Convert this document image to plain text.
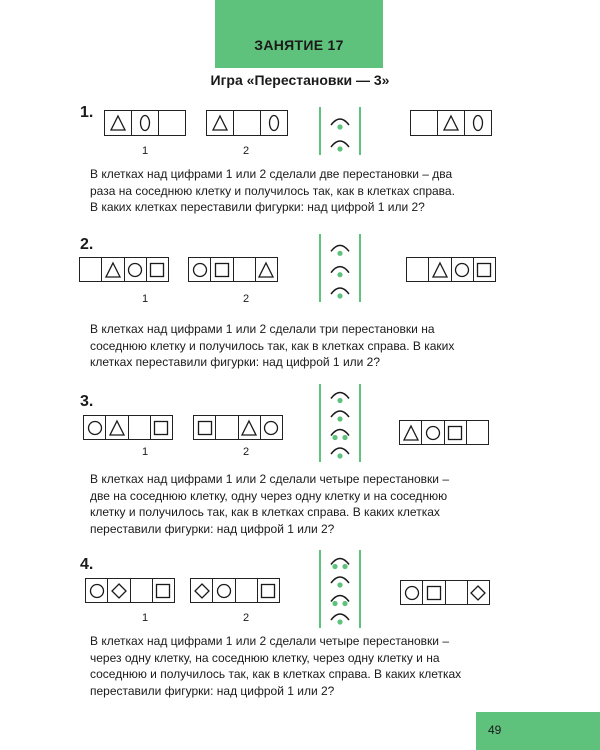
ЗАНЯТИЕ 17
Игра «Перестановки — 3»
1.
1	2
В клетках над цифрами 1 или 2 сделали две перестановки – два
раза на соседнюю клетку и получилось так, как в клетках справа.
В каких клетках переставили фигурки: над цифрой 1 или 2?
2.
1	2
В клетках над цифрами 1 или 2 сделали три перестановки на
соседнюю клетку и получилось так, как в клетках справа. В каких
клетках переставили фигурки: над цифрой 1 или 2?
3.
1	2
В клетках над цифрами 1 или 2 сделали четыре перестановки –
две на соседнюю клетку, одну через одну клетку и на соседнюю
клетку и получилось так, как в клетках справа. В каких клетках
переставили фигурки: над цифрой 1 или 2?
4.
1	2
В клетках над цифрами 1 или 2 сделали четыре перестановки –
через одну клетку, на соседнюю клетку, через одну клетку и на
соседнюю и получилось так, как в клетках справа. В каких клетках
переставили фигурки: над цифрой 1 или 2?
49
